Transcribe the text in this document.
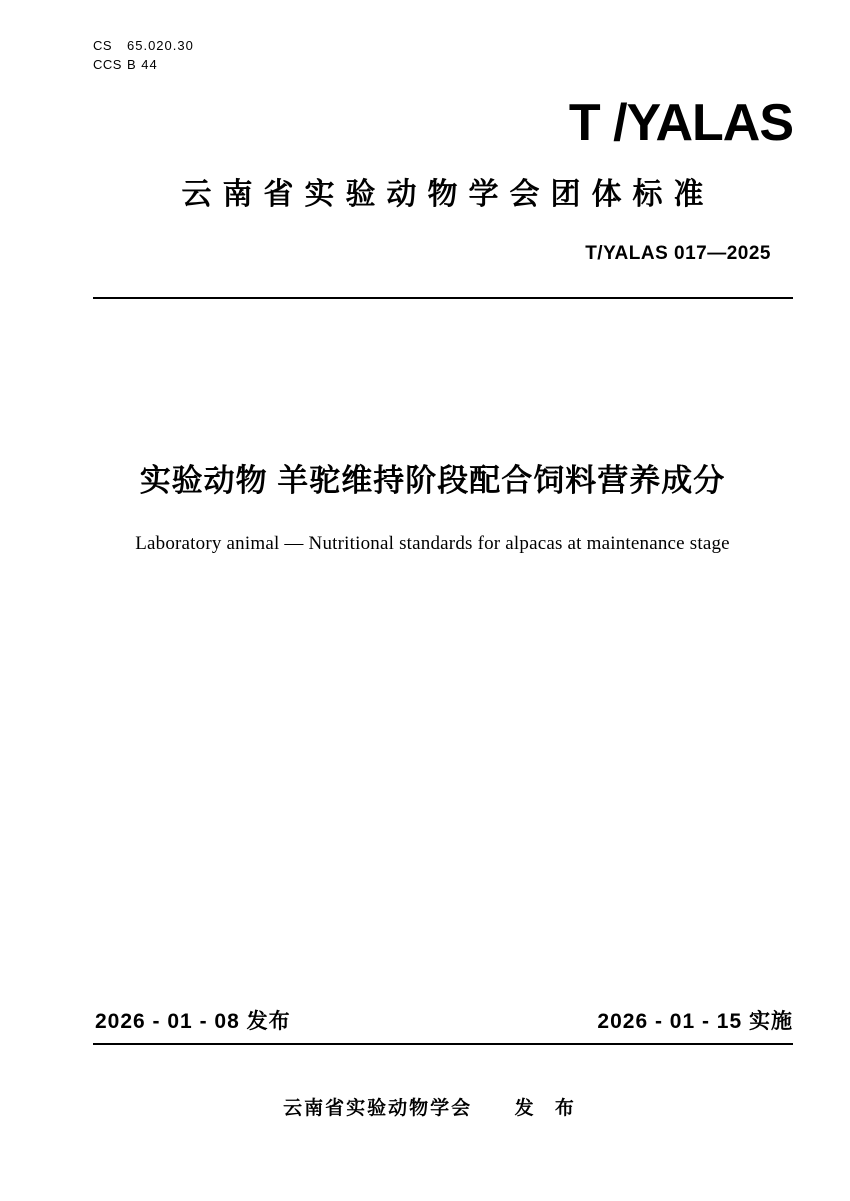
CS	65.020.30
CCS B 44
T /YALAS
云南省实验动物学会团体标准
T/YALAS 017—2025
实验动物 羊驼维持阶段配合饲料营养成分
Laboratory animal — Nutritional standards for alpacas at maintenance stage
2026 - 01 - 08 发布	2026 - 01 - 15 实施
云南省实验动物学会 发 布
